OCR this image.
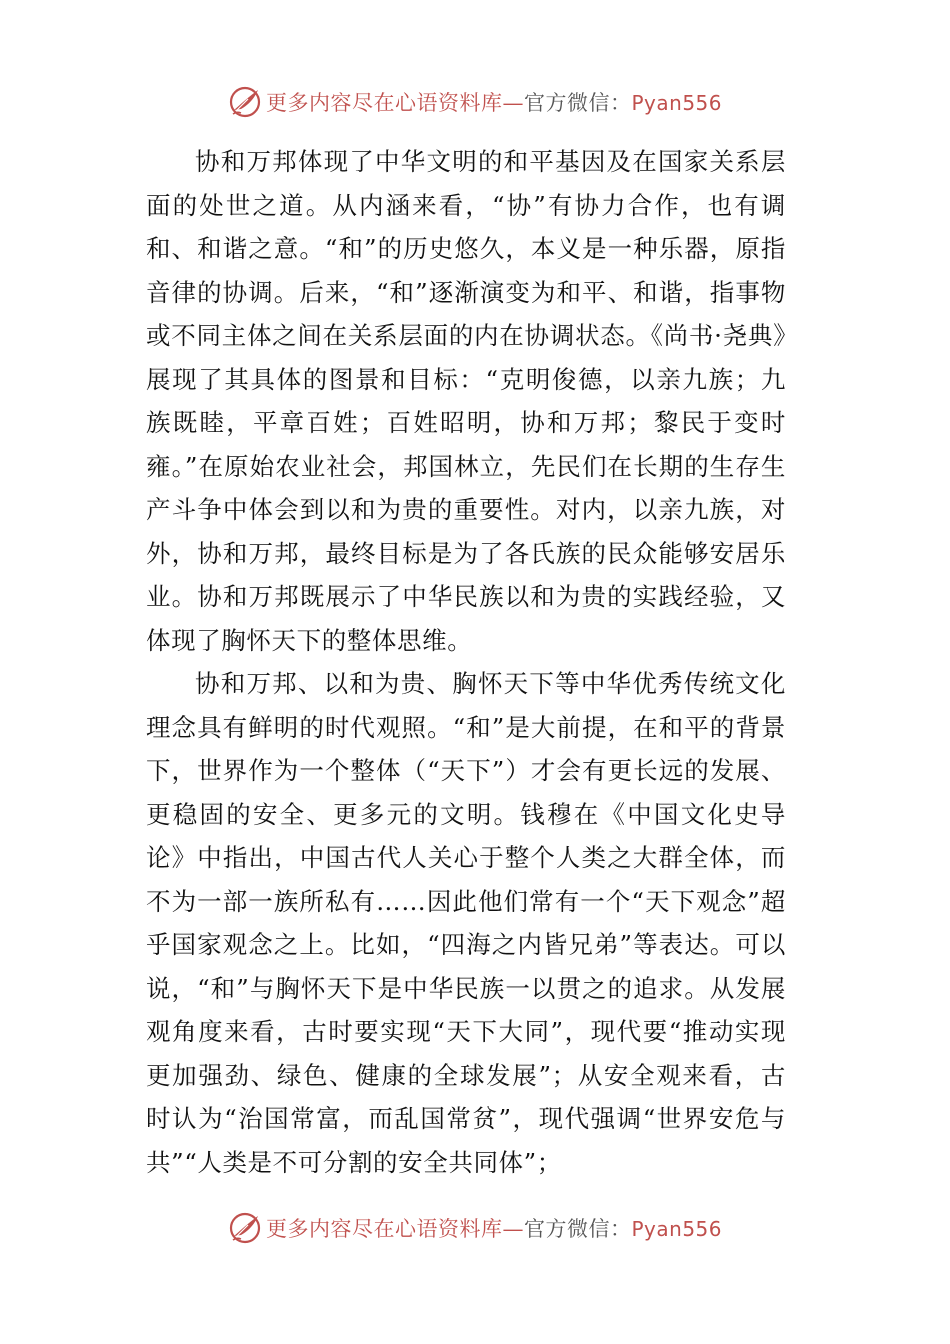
更多内容尽在心语资料库—官方微信：Pyan556

协和万邦体现了中华文明的和平基因及在国家关系层面的处世之道。从内涵来看，“协”有协力合作，也有调和、和谐之意。“和”的历史悠久，本义是一种乐器，原指音律的协调。后来，“和”逐渐演变为和平、和谐，指事物或不同主体之间在关系层面的内在协调状态。《尚书·尧典》展现了其具体的图景和目标：“克明俊德，以亲九族；九族既睦，平章百姓；百姓昭明，协和万邦；黎民于变时雍。”在原始农业社会，邦国林立，先民们在长期的生存生产斗争中体会到以和为贵的重要性。对内，以亲九族，对外，协和万邦，最终目标是为了各氏族的民众能够安居乐业。协和万邦既展示了中华民族以和为贵的实践经验，又体现了胸怀天下的整体思维。

协和万邦、以和为贵、胸怀天下等中华优秀传统文化理念具有鲜明的时代观照。“和”是大前提，在和平的背景下，世界作为一个整体（“天下”）才会有更长远的发展、更稳固的安全、更多元的文明。钱穆在《中国文化史导论》中指出，中国古代人关心于整个人类之大群全体，而不为一部一族所私有……因此他们常有一个“天下观念”超乎国家观念之上。比如，“四海之内皆兄弟”等表达。可以说，“和”与胸怀天下是中华民族一以贯之的追求。从发展观角度来看，古时要实现“天下大同”，现代要“推动实现更加强劲、绿色、健康的全球发展”；从安全观来看，古时认为“治国常富，而乱国常贫”，现代强调“世界安危与共”“人类是不可分割的安全共同体”；

更多内容尽在心语资料库—官方微信：Pyan556
